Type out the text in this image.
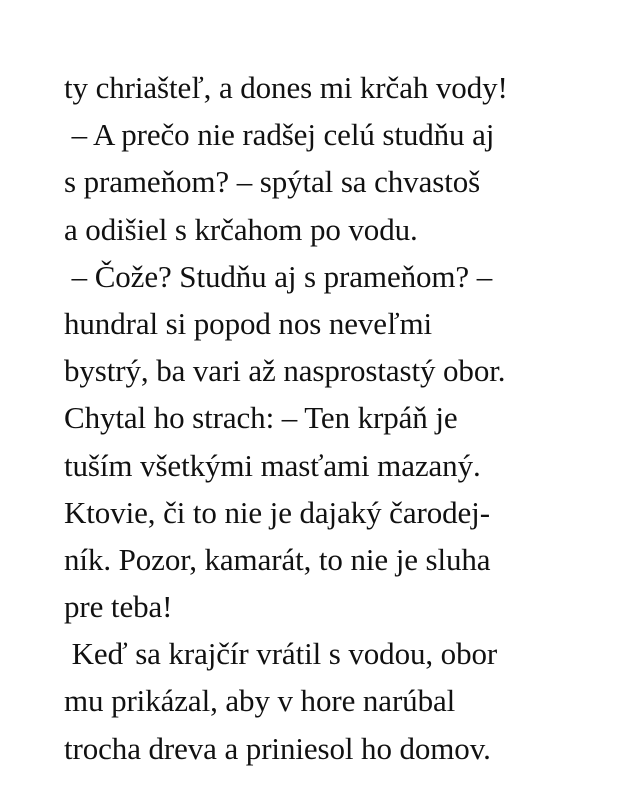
ty chriašteľ, a dones mi krčah vody!
– A prečo nie radšej celú studňu aj
s prameňom? – spýtal sa chvastoš
a odišiel s krčahom po vodu.
– Čože? Studňu aj s prameňom? –
hundral si popod nos neveľmi
bystrý, ba vari až nasprostastý obor.
Chytal ho strach: – Ten krpáň je
tuším všetkými masťami mazaný.
Ktovie, či to nie je dajaký čarodej-
ník. Pozor, kamarát, to nie je sluha
pre teba!
Keď sa krajčír vrátil s vodou, obor
mu prikázal, aby v hore narúbal
trocha dreva a priniesol ho domov.
